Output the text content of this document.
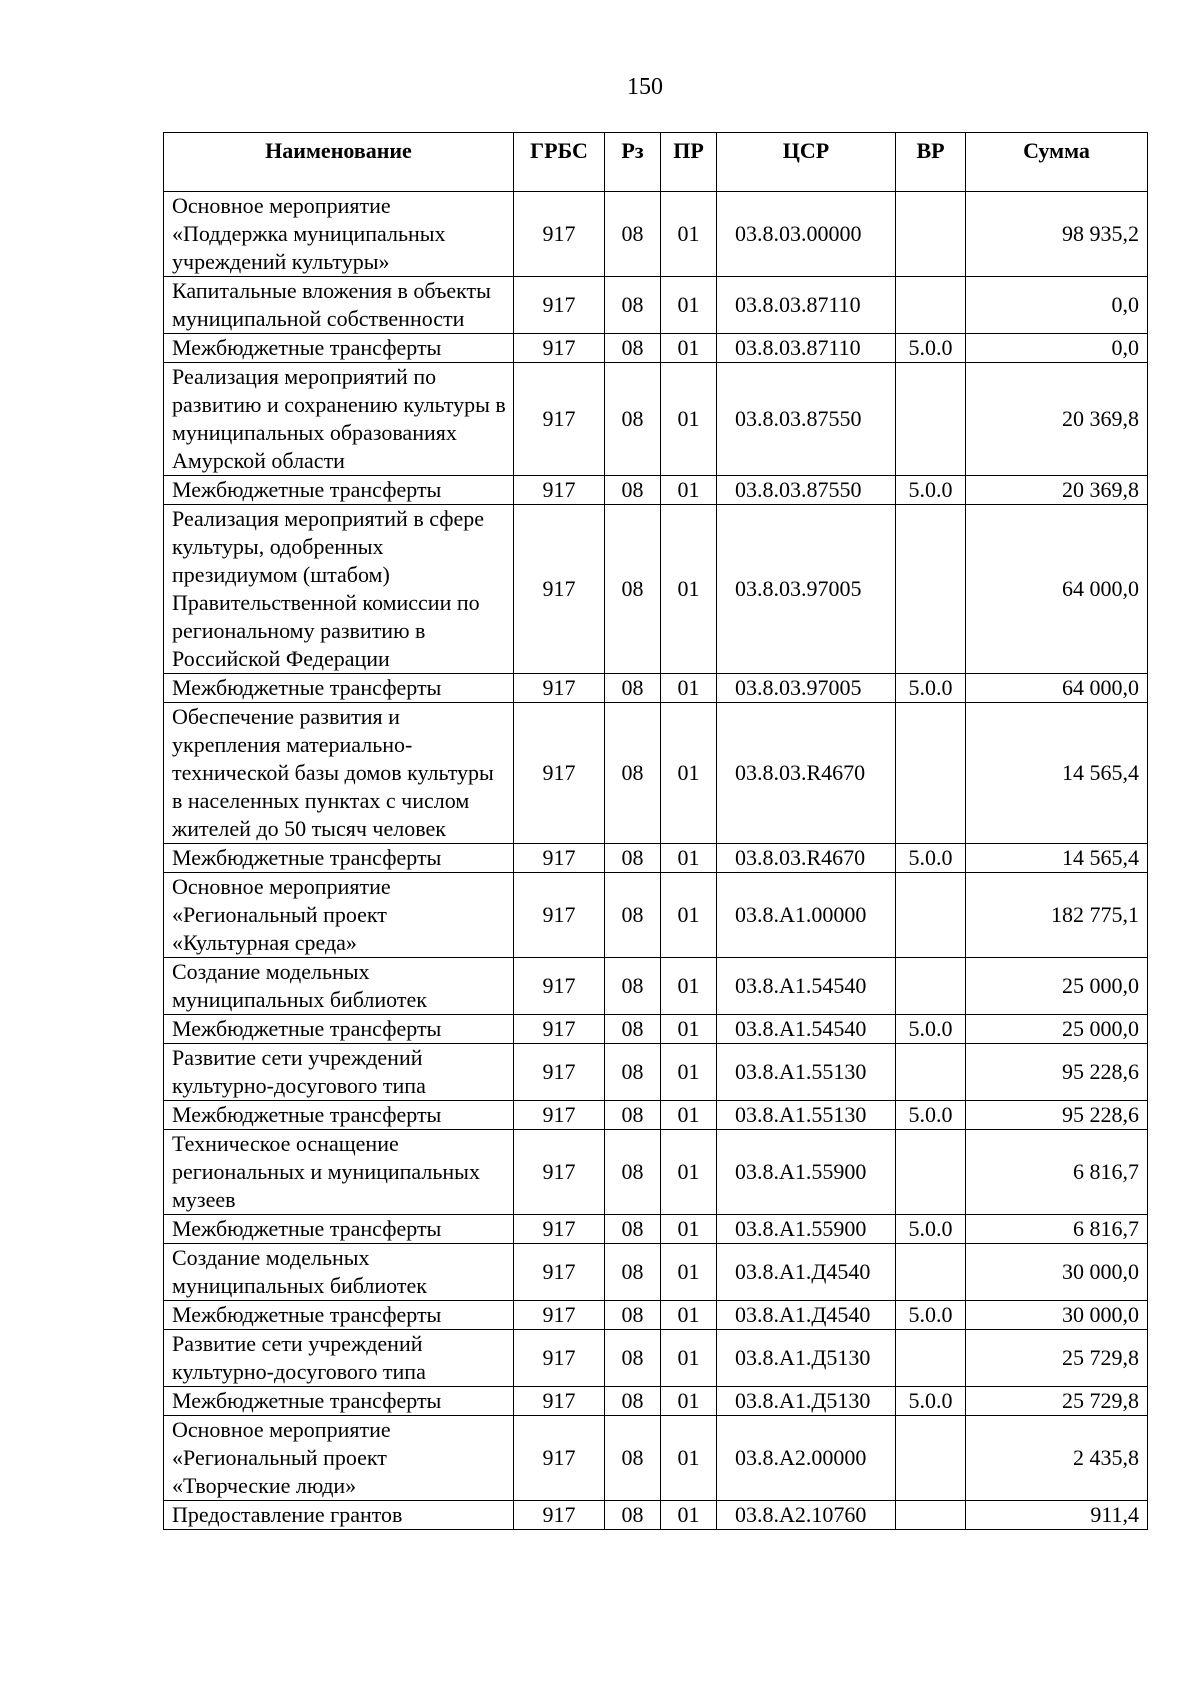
150
Наименование	ГРБС	Рз	ПР	ЦСР	ВР	Сумма
Основное мероприятие «Поддержка муниципальных учреждений культуры»	917	08	01	03.8.03.00000		98 935,2
Капитальные вложения в объекты муниципальной собственности	917	08	01	03.8.03.87110		0,0
Межбюджетные трансферты	917	08	01	03.8.03.87110	5.0.0	0,0
Реализация мероприятий по развитию и сохранению культуры в муниципальных образованиях Амурской области	917	08	01	03.8.03.87550		20 369,8
Межбюджетные трансферты	917	08	01	03.8.03.87550	5.0.0	20 369,8
Реализация мероприятий в сфере культуры, одобренных президиумом (штабом) Правительственной комиссии по региональному развитию в Российской Федерации	917	08	01	03.8.03.97005		64 000,0
Межбюджетные трансферты	917	08	01	03.8.03.97005	5.0.0	64 000,0
Обеспечение развития и укрепления материально-технической базы домов культуры в населенных пунктах с числом жителей до 50 тысяч человек	917	08	01	03.8.03.R4670		14 565,4
Межбюджетные трансферты	917	08	01	03.8.03.R4670	5.0.0	14 565,4
Основное мероприятие «Региональный проект «Культурная среда»	917	08	01	03.8.A1.00000		182 775,1
Создание модельных муниципальных библиотек	917	08	01	03.8.A1.54540		25 000,0
Межбюджетные трансферты	917	08	01	03.8.A1.54540	5.0.0	25 000,0
Развитие сети учреждений культурно-досугового типа	917	08	01	03.8.A1.55130		95 228,6
Межбюджетные трансферты	917	08	01	03.8.A1.55130	5.0.0	95 228,6
Техническое оснащение региональных и муниципальных музеев	917	08	01	03.8.A1.55900		6 816,7
Межбюджетные трансферты	917	08	01	03.8.A1.55900	5.0.0	6 816,7
Создание модельных муниципальных библиотек	917	08	01	03.8.A1.Д4540		30 000,0
Межбюджетные трансферты	917	08	01	03.8.A1.Д4540	5.0.0	30 000,0
Развитие сети учреждений культурно-досугового типа	917	08	01	03.8.A1.Д5130		25 729,8
Межбюджетные трансферты	917	08	01	03.8.A1.Д5130	5.0.0	25 729,8
Основное мероприятие «Региональный проект «Творческие люди»	917	08	01	03.8.A2.00000		2 435,8
Предоставление грантов	917	08	01	03.8.A2.10760		911,4
